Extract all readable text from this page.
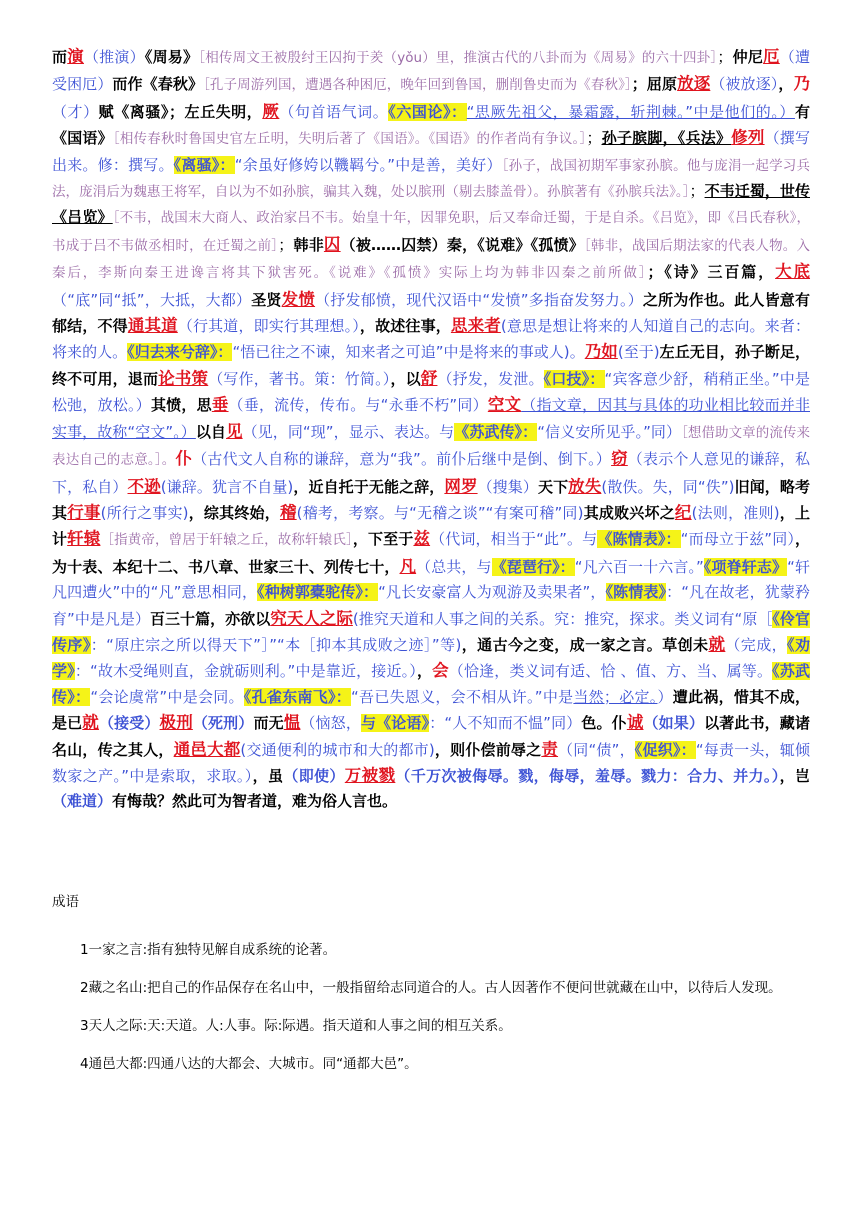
而演（推演）《周易》［相传周文王被殷纣王囚拘于羑（yǒu）里，推演古代的八卦而为《周易》的六十四卦］；仲尼厄（遭受困厄）而作《春秋》［孔子周游列国，遭遇各种困厄，晚年回到鲁国，删削鲁史而为《春秋》］；屈原放逐（被放逐），乃（才）赋《离骚》；左丘失明，厥（句首语气词。《六国论》：“思厥先祖父，暴霜露，斩荆棘。”中是他们的。）有《国语》［相传春秋时鲁国史官左丘明，失明后著了《国语》。《国语》的作者尚有争议。］；孙子膑脚，《兵法》修列（撰写出来。修：撰写。《离骚》：“余虽好修姱以鞿羁兮。”中是善，美好）［孙子，战国初期军事家孙膑。他与庞涓一起学习兵法，庞涓后为魏惠王将军，自以为不如孙膑，骗其入魏，处以膑刑（剔去膝盖骨）。孙膑著有《孙膑兵法》。］；不韦迁蜀，世传《吕览》［不韦，战国末大商人、政治家吕不韦。始皇十年，因罪免职，后又奉命迁蜀，于是自杀。《吕览》，即《吕氏春秋》，书成于吕不韦做丞相时，在迁蜀之前］；韩非囚（被……囚禁）秦，《说难》《孤愤》［韩非，战国后期法家的代表人物。入秦后，李斯向秦王进谗言将其下狱害死。《说难》《孤愤》实际上均为韩非囚秦之前所做］；《诗》三百篇，大底（“底”同“抵”，大抵，大都）圣贤发愤（抒发郁愤，现代汉语中“发愤”多指奋发努力。）之所为作也。此人皆意有郁结，不得通其道（行其道，即实行其理想。），故述往事，思来者(意思是想让将来的人知道自己的志向。来者：将来的人。《归去来兮辞》：“悟已往之不谏，知来者之可追”中是将来的事或人)。乃如(至于)左丘无目，孙子断足，终不可用，退而论书策（写作，著书。策：竹简。），以舒（抒发，发泄。《口技》：“宾客意少舒，稍稍正坐。”中是松弛，放松。）其愤，思垂（垂，流传，传布。与“永垂不朽”同）空文（指文章，因其与具体的功业相比较而并非实事，故称“空文”。）以自见（见，同“现”，显示、表达。与《苏武传》：“信义安所见乎。”同）［想借助文章的流传来表达自己的志意。］。仆（古代文人自称的谦辞，意为“我”。前仆后继中是倒、倒下。）窃（表示个人意见的谦辞，私下，私自）不逊(谦辞。犹言不自量)，近自托于无能之辞，网罗（搜集）天下放失(散佚。失，同“佚”)旧闻，略考其行事(所行之事实)，综其终始，稽(稽考，考察。与“无稽之谈”“有案可稽”同)其成败兴坏之纪(法则，准则)，上计轩辕［指黄帝，曾居于轩辕之丘，故称轩辕氏］，下至于兹（代词，相当于“此”。与《陈情表》：“而母立于兹”同），为十表、本纪十二、书八章、世家三十、列传七十，凡（总共，与《琵琶行》：“凡六百一十六言。”《项脊轩志》“轩凡四遭火”中的“凡”意思相同，《种树郭橐驼传》：“凡长安豪富人为观游及卖果者”，《陈情表》：“凡在故老，犹蒙矜育”中是凡是）百三十篇，亦欲以究天人之际(推究天道和人事之间的关系。究：推究，探求。类义词有“原［《伶官传序》：“原庄宗之所以得天下”］”“本［抑本其成败之迹］”等)，通古今之变，成一家之言。草创未就（完成，《劝学》：“故木受绳则直，金就砺则利。”中是靠近，接近。），会（恰逢，类义词有适、恰 、值、方、当、属等。《苏武传》：“会论虞常”中是会同。《孔雀东南飞》：“吾已失恩义，会不相从许。”中是当然；必定。）遭此祸，惜其不成，是已就（接受）极刑（死刑）而无愠（恼怒，与《论语》：“人不知而不愠”同）色。仆诚（如果）以著此书，藏诸名山，传之其人，通邑大都(交通便利的城市和大的都市)，则仆偿前辱之责（同“债”，《促织》：“每责一头，辄倾数家之产。”中是索取，求取。），虽（即使）万被戮（千万次被侮辱。戮，侮辱，羞辱。戮力：合力、并力。），岂（难道）有悔哉？然此可为智者道，难为俗人言也。

成语

1一家之言:指有独特见解自成系统的论著。

2藏之名山:把自己的作品保存在名山中，一般指留给志同道合的人。古人因著作不便问世就藏在山中，以待后人发现。

3天人之际:天:天道。人:人事。际:际遇。指天道和人事之间的相互关系。

4通邑大都:四通八达的大都会、大城市。同“通都大邑”。
